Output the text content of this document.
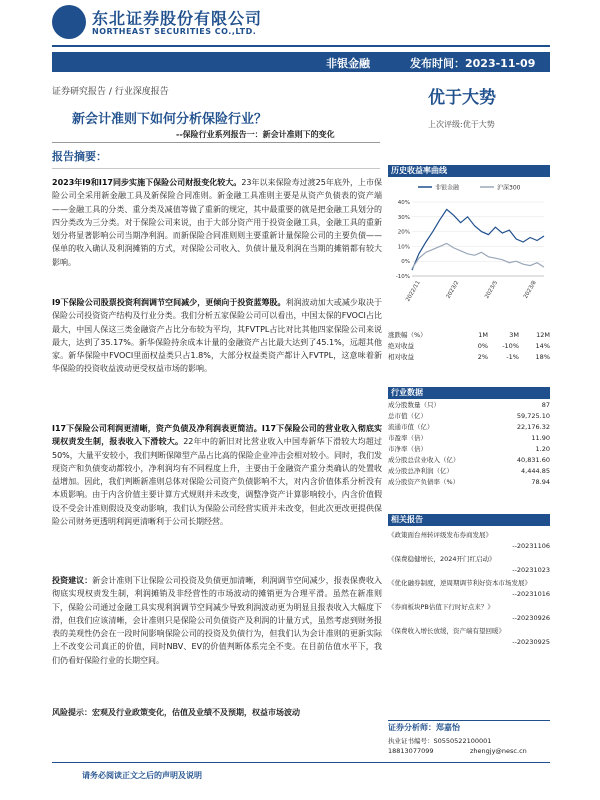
东北证券股份有限公司
NORTHEAST SECURITIES CO.,LTD.
非银金融	发布时间：2023-11-09
证券研究报告 / 行业深度报告	优于大势
上次评级:优于大势
新会计准则下如何分析保险行业？
--保险行业系列报告一：新会计准则下的变化
报告摘要：
2023年I9和I17同步实施下保险公司财报变化较大。23年以来保险寿过渡25年底外，上市保险公司全采用新金融工具及新保险合同准则。新金融工具准则主要是从资产负债表的资产端——金融工具的分类、重分类及减值等做了重新的规定，其中最重要的就是把金融工具划分的四分类改为三分类。对于保险公司来说，由于大部分资产用于投资金融工具，金融工具的重新划分将显著影响公司当期净利润。而新保险合同准则则主要重新计量保险公司的主要负债——保单的收入确认及利润摊销的方式，对保险公司收入、负债计量及利润在当期的摊销都有较大影响。
I9下保险公司股票投资利润调节空间减少，更倾向于投资蓝筹股。利润波动加大或减少取决于保险公司投资资产结构及行业分类。我们分析五家保险公司可以看出，中国太保的FVOCI占比最大，中国人保这三类金融资产占比分布较为平均，其FVTPL占比对比其他四家保险公司来说最大，达到了35.17%。新华保险持余成本计量的金融资产占比最大达到了45.1%，远超其他家。新华保险中FVOCI里面权益类只占1.8%，大部分权益类资产都计入FVTPL，这意味着新华保险的投资收益波动更受权益市场的影响。
I17下保险公司利润更清晰，资产负债及净利润表更简洁。I17下保险公司的营业收入彻底实现权责发生制，报表收入下滑较大。22年中的新旧对比营业收入中国寿新华下滑较大均超过50%，大量平安较小，我们判断保障型产品占比高的保险企业冲击会相对较小。同时，我们发现资产和负债变动都较小，净利润均有不同程度上升，主要由于金融资产重分类确认的处置收益增加。因此，我们判断新准则总体对保险公司资产负债影响不大，对内含价值体系分析没有本质影响。由于内含价值主要计算方式规则并未改变，调整净资产计算影响较小，内含价值假设不受会计准则假设及变动影响，我们认为保险公司经营实质并未改变，但此次更改更提供保险公司财务更透明利润更清晰利于公司长期经营。
投资建议：新会计准则下让保险公司投资及负债更加清晰，利润调节空间减少，报表保费收入彻底实现权责发生制，利润摊销及非经营性的市场波动的摊销更为合理平滑。虽然在新准则下，保险公司通过金融工具实现利润调节空间减少导致利润波动更为明显且报表收入大幅度下滑，但我们应该清晰，会计准则只是保险公司负债资产及利润的计量方式，虽然考虑到财务报表的美观性仍会在一段时间影响保险公司的投资及负债行为，但我们认为会计准则的更新实际上不改变公司真正的价值，同时NBV、EV的价值判断体系完全不变。在目前估值水平下，我们仍看好保险行业的长期空间。
风险提示：宏观及行业政策变化，估值及业绩不及预期，权益市场波动
历史收益率曲线
非银金融	沪深300
40%
30%
20%
10%
0%
-10%
2022/11	2023/2	2023/5	2023/8
涨跌幅（%）	1M	3M	12M
绝对收益	0%	-10%	14%
相对收益	2%	-1%	18%
行业数据
成分股数量（只）	87
总市值（亿）	59,725.10
流通市值（亿）	22,176.32
市盈率（倍）	11.90
市净率（倍）	1.20
成分股总营业收入（亿）	40,831.60
成分股总净利润（亿）	4,444.85
成分股资产负债率（%）	78.94
相关报告
《政策面台州转评级发布券商发展》
--20231106
《保费稳健增长，2024开门红启动》
--20231023
《优化融券制度，逆周期调节利好资本市场发展》
--20231016
《券商板块PB估值下行时好点来？》
--20230926
《保费收入增长放缓，资产端有望回暖》
--20230925
证券分析师：郑嘉怡
执业证书编号：S0550522100001
18813077099	zhengjy@nesc.cn
请务必阅读正文之后的声明及说明
